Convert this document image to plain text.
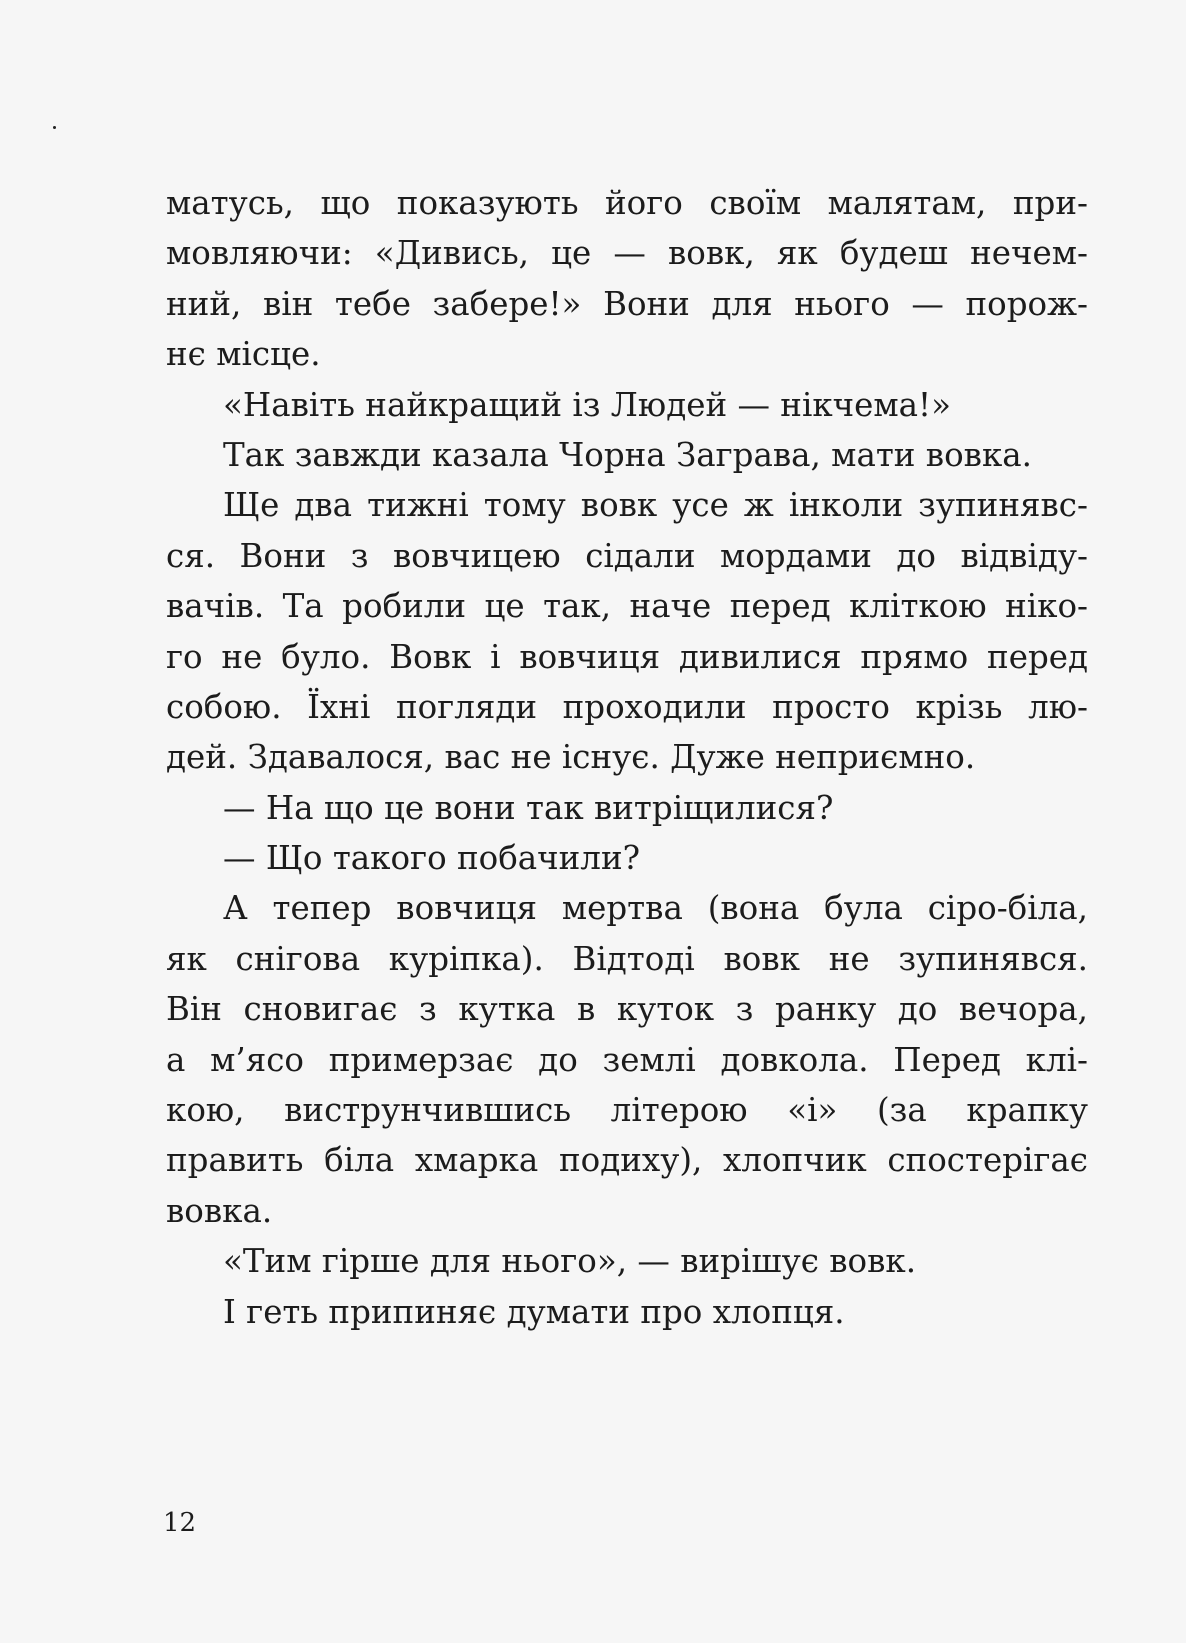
матусь, що показують його своїм малятам, при-
мовляючи: «Дивись, це — вовк, як будеш нечем-
ний, він тебе забере!» Вони для нього — порож-
нє місце.
«Навіть найкращий із Людей — нікчема!»
Так завжди казала Чорна Заграва, мати вовка.
Ще два тижні тому вовк усе ж інколи зупинявс-
ся. Вони з вовчицею сідали мордами до відвіду-
вачів. Та робили це так, наче перед кліткою ніко-
го не було. Вовк і вовчиця дивилися прямо перед
собою. Їхні погляди проходили просто крізь лю-
дей. Здавалося, вас не існує. Дуже неприємно.
— На що це вони так витріщилися?
— Що такого побачили?
А тепер вовчиця мертва (вона була сіро-біла,
як снігова куріпка). Відтоді вовк не зупинявся.
Він сновигає з кутка в куток з ранку до вечора,
а м’ясо примерзає до землі довкола. Перед клі-
кою, виструнчившись літерою «і» (за крапку
править біла хмарка подиху), хлопчик спостерігає
вовка.
«Тим гірше для нього», — вирішує вовк.
І геть припиняє думати про хлопця.
12
